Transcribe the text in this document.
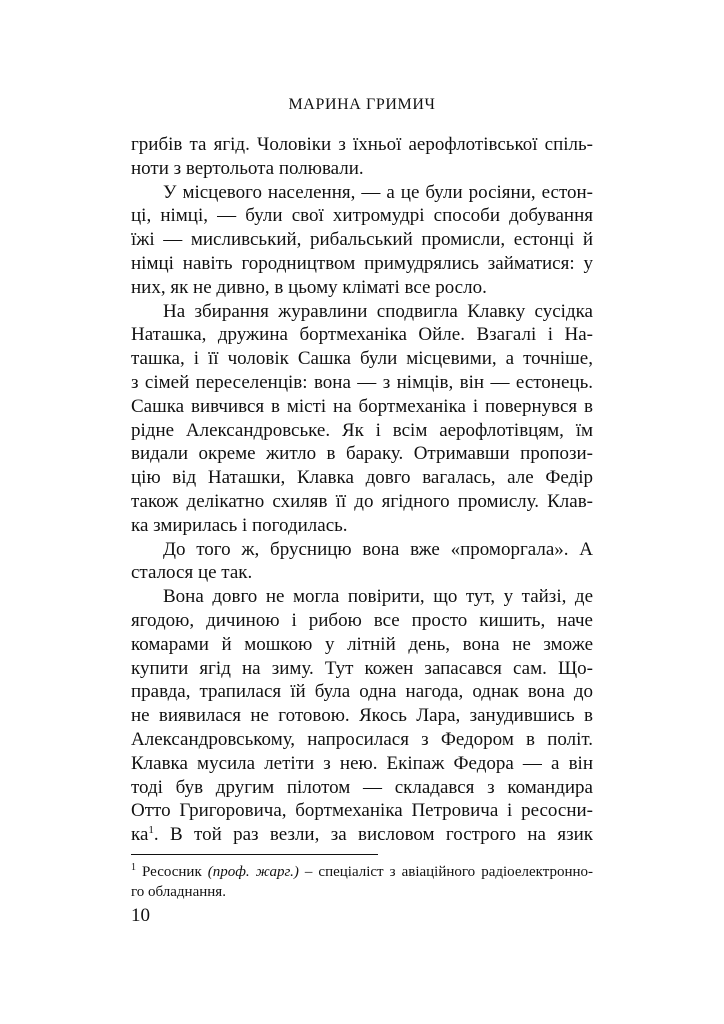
МАРИНА ГРИМИЧ
грибів та ягід. Чоловіки з їхньої аерофлотівської спіль-
ноти з вертольота полювали.
У місцевого населення, — а це були росіяни, естон-
ці, німці, — були свої хитромудрі способи добування
їжі — мисливський, рибальський промисли, естонці й
німці навіть городництвом примудрялись займатися: у
них, як не дивно, в цьому кліматі все росло.
На збирання журавлини сподвигла Клавку сусідка
Наташка, дружина бортмеханіка Ойле. Взагалі і На-
ташка, і її чоловік Сашка були місцевими, а точніше,
з сімей переселенців: вона — з німців, він — естонець.
Сашка вивчився в місті на бортмеханіка і повернувся в
рідне Александровське. Як і всім аерофлотівцям, їм
видали окреме житло в бараку. Отримавши пропози-
цію від Наташки, Клавка довго вагалась, але Федір
також делікатно схиляв її до ягідного промислу. Клав-
ка змирилась і погодилась.
До того ж, брусницю вона вже «проморгала». А
сталося це так.
Вона довго не могла повірити, що тут, у тайзі, де
ягодою, дичиною і рибою все просто кишить, наче
комарами й мошкою у літній день, вона не зможе
купити ягід на зиму. Тут кожен запасався сам. Що-
правда, трапилася їй була одна нагода, однак вона до
не виявилася не готовою. Якось Лара, занудившись в
Александровському, напросилася з Федором в політ.
Клавка мусила летіти з нею. Екіпаж Федора — а він
тоді був другим пілотом — складався з командира
Отто Григоровича, бортмеханіка Петровича і ресосни-
ка$^1$. В той раз везли, за висловом гострого на язик
$^1$ Ресосник (проф. жарг.) – спеціаліст з авіаційного радіоелектронно-
го обладнання.
10
